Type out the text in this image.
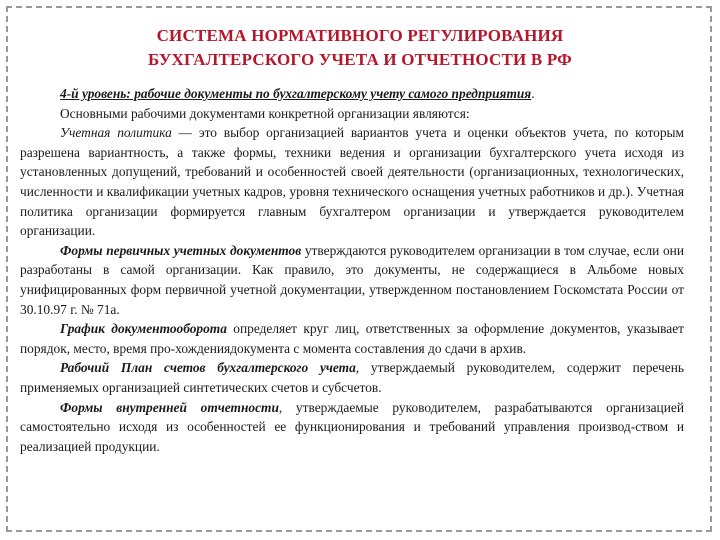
СИСТЕМА НОРМАТИВНОГО РЕГУЛИРОВАНИЯ
БУХГАЛТЕРСКОГО УЧЕТА И ОТЧЕТНОСТИ В РФ

4-й уровень: рабочие документы по бухгалтерскому учету самого предприятия.

Основными рабочими документами конкретной организации являются:

Учетная политика — это выбор организацией вариантов учета и оценки объектов учета, по которым разрешена вариантность, а также формы, техники ведения и организации бухгалтерского учета исходя из установленных допущений, требований и особенностей своей деятельности (организационных, технологических, численности и квалификации учетных кадров, уровня технического оснащения учетных работников и др.). Учетная политика организации формируется главным бухгалтером организации и утверждается руководителем организации.

Формы первичных учетных документов утверждаются руководителем организации в том случае, если они разработаны в самой организации. Как правило, это документы, не содержащиеся в Альбоме новых унифицированных форм первичной учетной документации, утвержденном постановлением Госкомстата России от 30.10.97 г. № 71а.

График документооборота определяет круг лиц, ответственных за оформление документов, указывает порядок, место, время про-хождениядокумента с момента составления до сдачи в архив.

Рабочий План счетов бухгалтерского учета, утверждаемый руководителем, содержит перечень применяемых организацией синтетических счетов и субсчетов.

Формы внутренней отчетности, утверждаемые руководителем, разрабатываются организацией самостоятельно исходя из особенностей ее функционирования и требований управления производ-ством и реализацией продукции.
